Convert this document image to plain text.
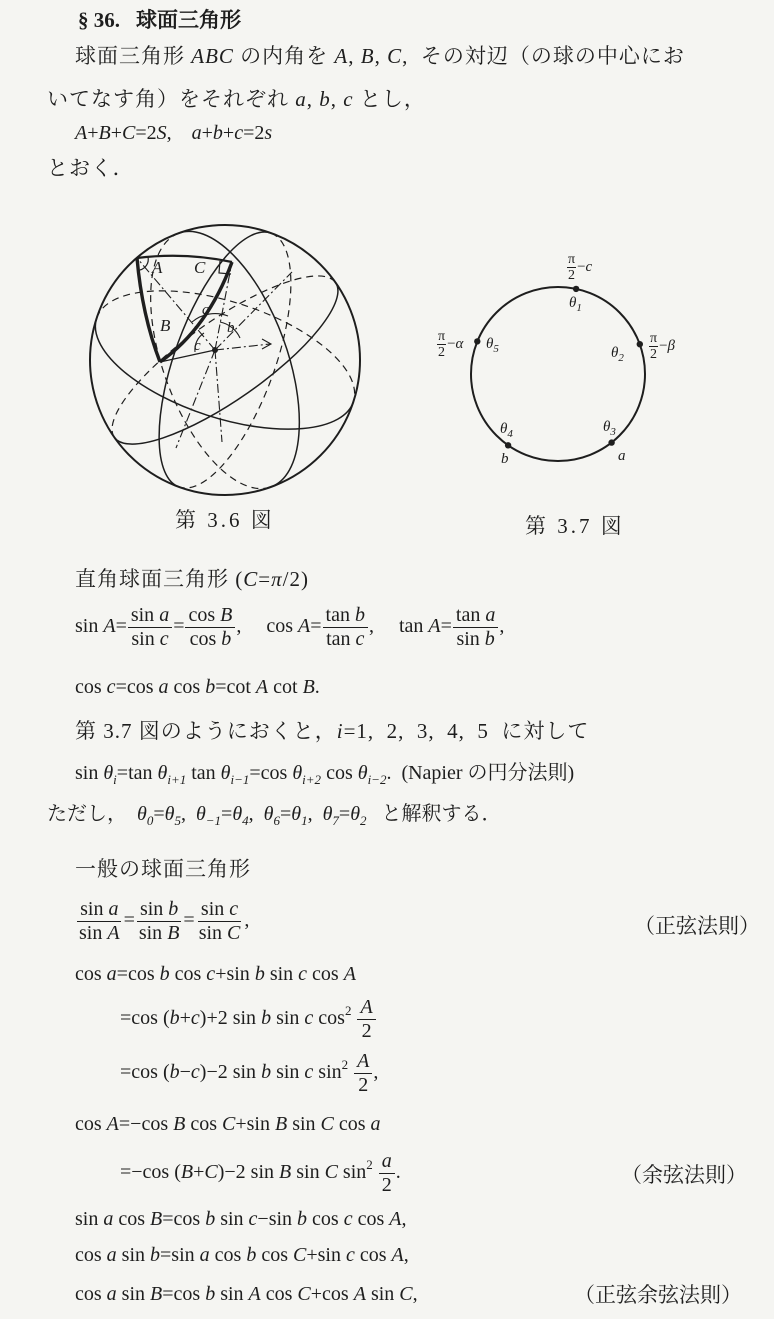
§ 36. 球面三角形
球面三角形 ABC の内角を A, B, C,  その対辺（の球の中心にお
いてなす角）をそれぞれ a, b, c とし，
A+B+C=2S,    a+b+c=2s
とおく．
A C
B
a
b
c
第 3.6 図
$\frac{\pi}{2} -c$
$\theta_1$
$\frac{\pi}{2} -\alpha$ $\theta_5$	$\theta_2 \frac{\pi}{2} -\beta$
$\theta_3$
a
$\theta_4$
b
第 3.7 図
直角球面三角形 (C=π/2)
$\sin A= \frac{\text{sin a}}{\text{sin c}} = \frac{\text{cos B}}{\text{cos b}}$ ,     $\cos A= \frac{\text{tan b}}{\text{tan c}}$ ,     $\tan A= \frac{\text{tan a}}{\text{sin b}}$ ,
cos c=cos a cos b=cot A cot B.
第 3.7 図のようにおくと，i=1,  2,  3,  4,  5  に対して
$\sin \theta_i=\tan$ $\theta_{i+1}$ $\tan \theta_{i-1}=\cos$ $\theta_{i+2}$ $\cos \theta_{i-2}$.  (Napier の円分法則)
ただし，  $\theta_0=\theta_5$,  $\theta_{-1}=\theta_4$,  $\theta_6=\theta_1$,  $\theta_7=\theta_2$   と解釈する．
一般の球面三角形
$\frac{\text{sin a}}{\text{sin A}} = \frac{\text{sin b}}{\text{sin B}} = \frac{\text{sin c}}{\text{sin C}}$ ,	（正弦法則）
cos a=cos b cos c+sin b sin c cos A
=cos (b+c)+2 sin b sin c $\cos^2 \frac{A}{2}$
=cos (b−c)−2 sin b sin c $\sin^2 \frac{A}{2}$ ,
cos A=−cos B cos C+sin B sin C cos a
=−cos (B+C)−2 sin B sin C $\sin^2 \frac{a}{2}$ .	（余弦法則）
sin a cos B=cos b sin c−sin b cos c cos A,
cos a sin b=sin a cos b cos C+sin c cos A,
cos a sin B=cos b sin A cos C+cos A sin C,	（正弦余弦法則）
